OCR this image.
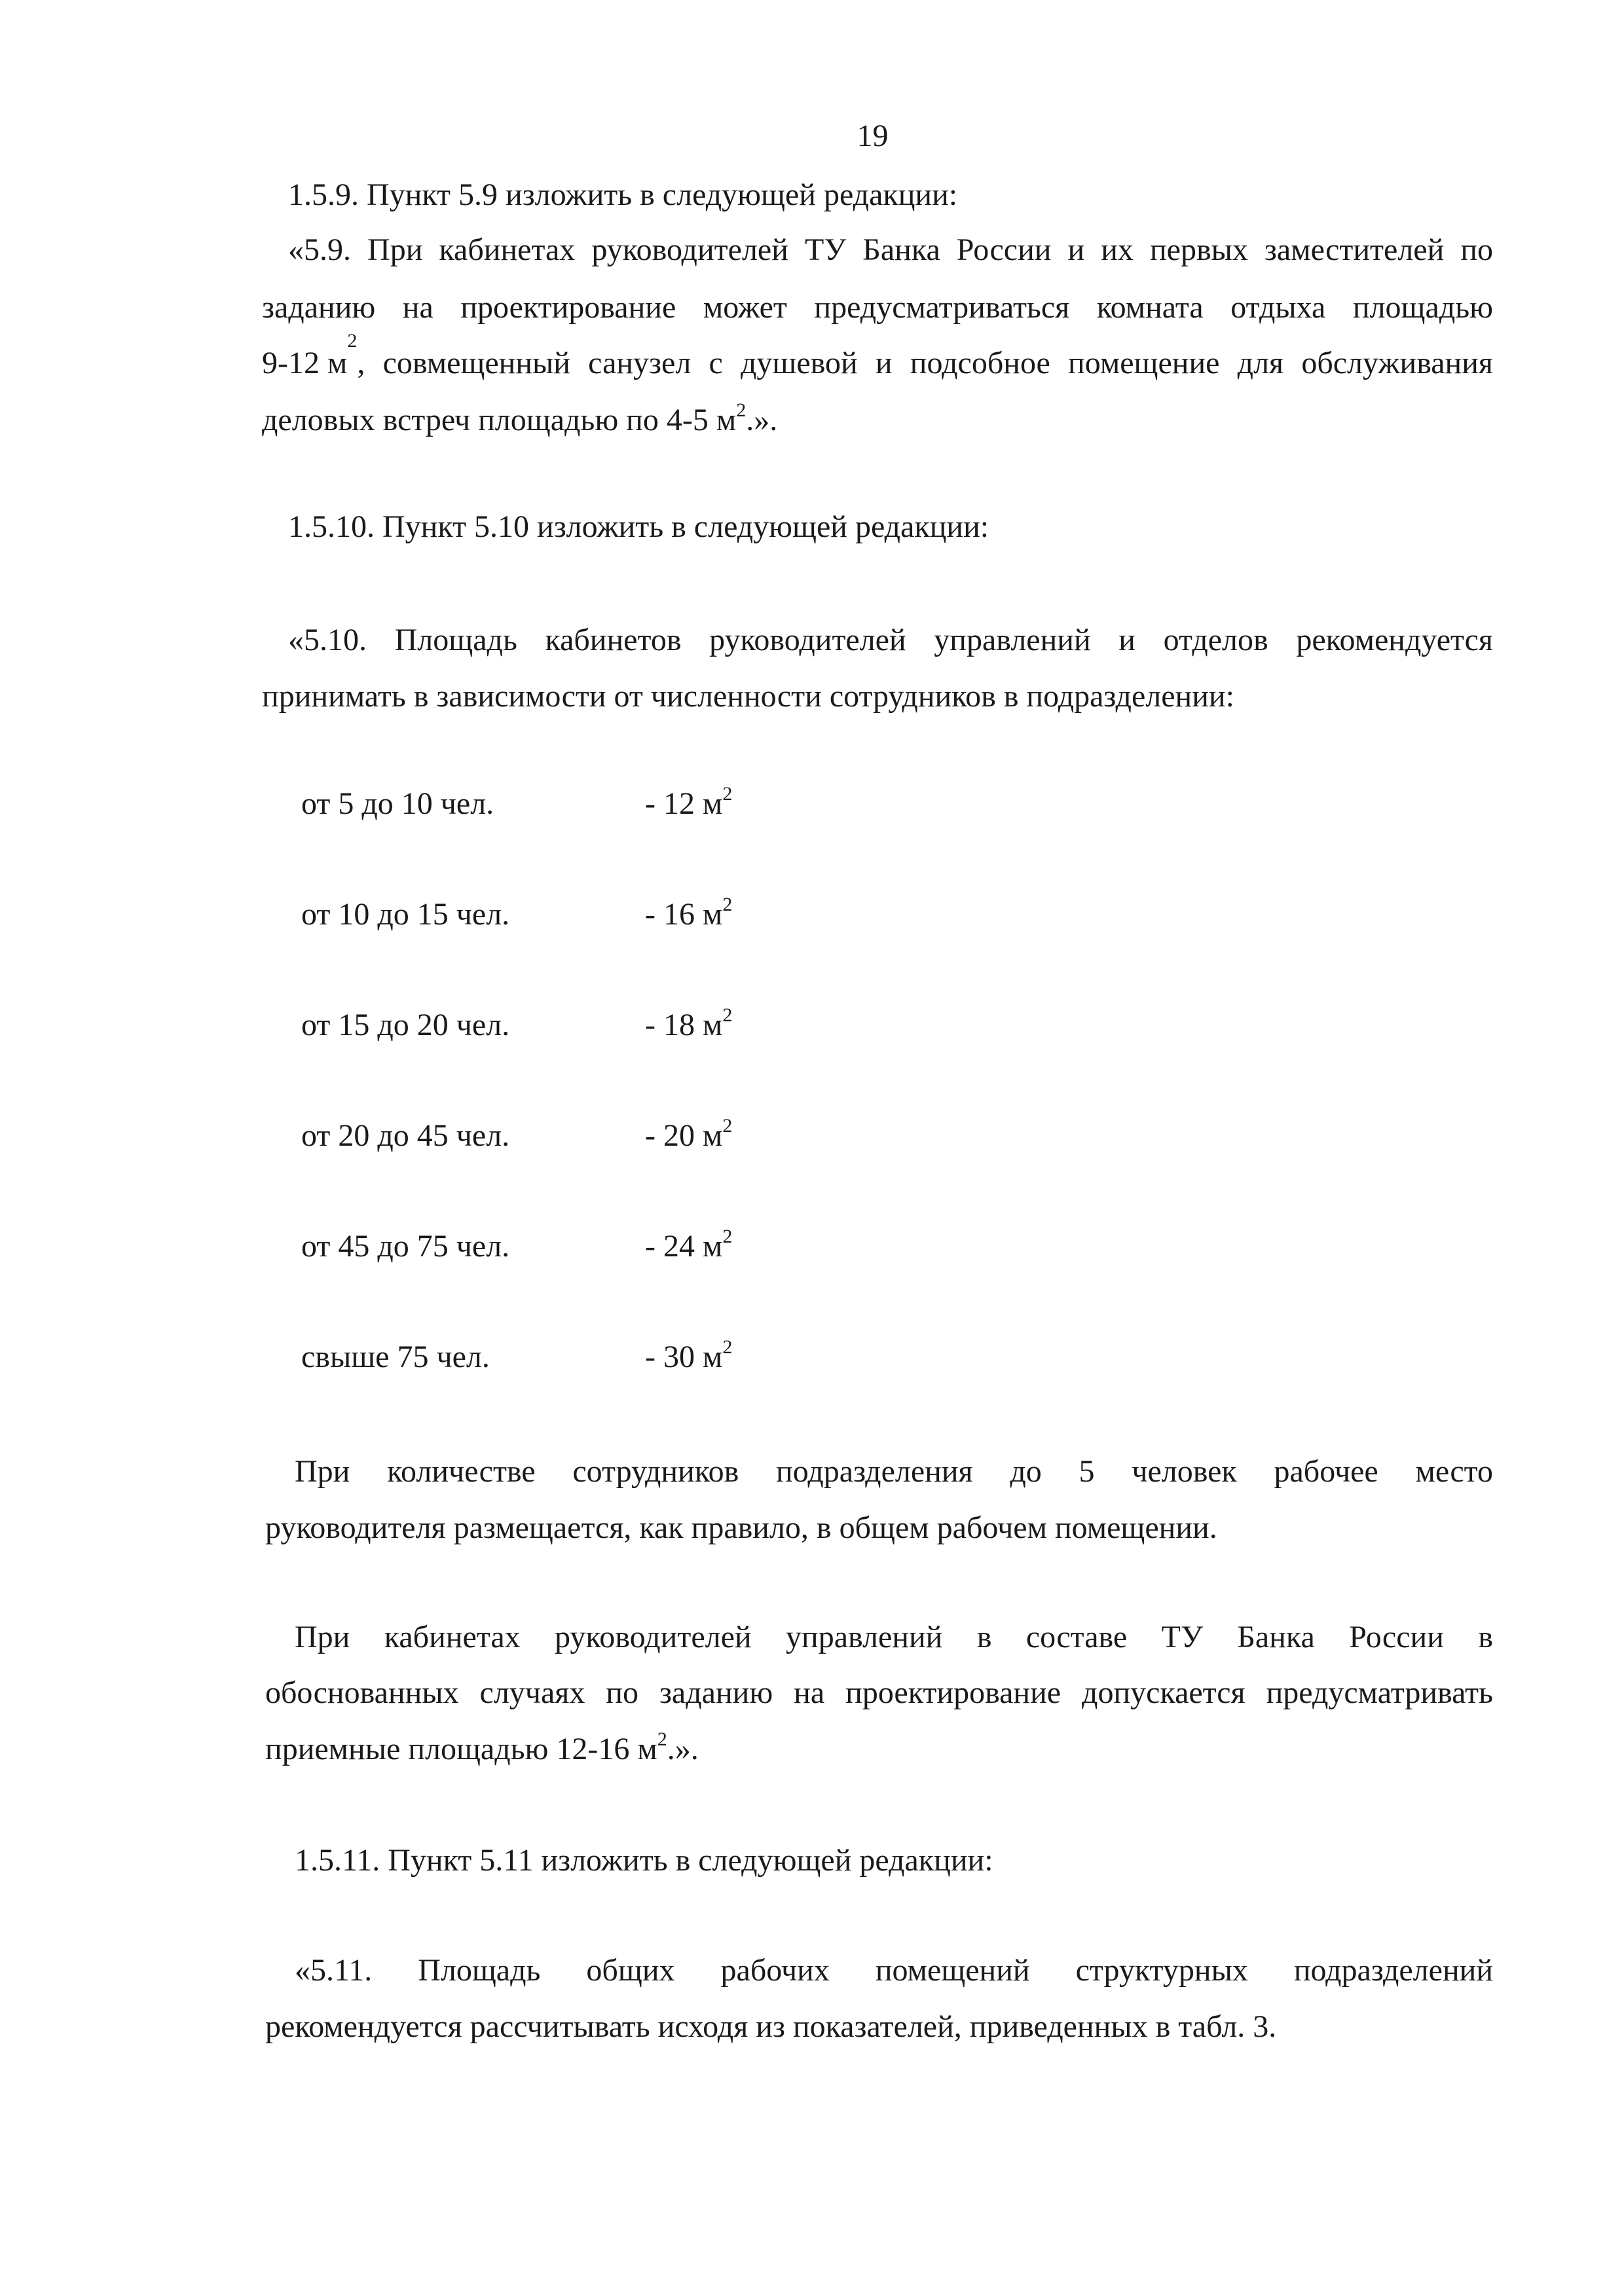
19
1.5.9. Пункт 5.9 изложить в следующей редакции:
«5.9. При кабинетах руководителей ТУ Банка России и их первых заместителей по
заданию на проектирование может предусматриваться комната отдыха площадью
9-12 м
$^2$
, совмещенный санузел с душевой и подсобное помещение для обслуживания
деловых встреч площадью по 4-5 $м^2$.».
1.5.10. Пункт 5.10 изложить в следующей редакции:
«5.10. Площадь кабинетов руководителей управлений и отделов рекомендуется
принимать в зависимости от численности сотрудников в подразделении:
от 5 до 10 чел.	- 12 $м^2$
от 10 до 15 чел.	- 16 $м^2$
от 15 до 20 чел.	- 18 $м^2$
от 20 до 45 чел.	- 20 $м^2$
от 45 до 75 чел.	- 24 $м^2$
свыше 75 чел.	- 30 $м^2$
При количестве сотрудников подразделения до 5 человек рабочее место
руководителя размещается, как правило, в общем рабочем помещении.
При кабинетах руководителей управлений в составе ТУ Банка России в
обоснованных случаях по заданию на проектирование допускается предусматривать
приемные площадью 12-16 $м^2$.».
1.5.11. Пункт 5.11 изложить в следующей редакции:
«5.11. Площадь общих рабочих помещений структурных подразделений
рекомендуется рассчитывать исходя из показателей, приведенных в табл. 3.
